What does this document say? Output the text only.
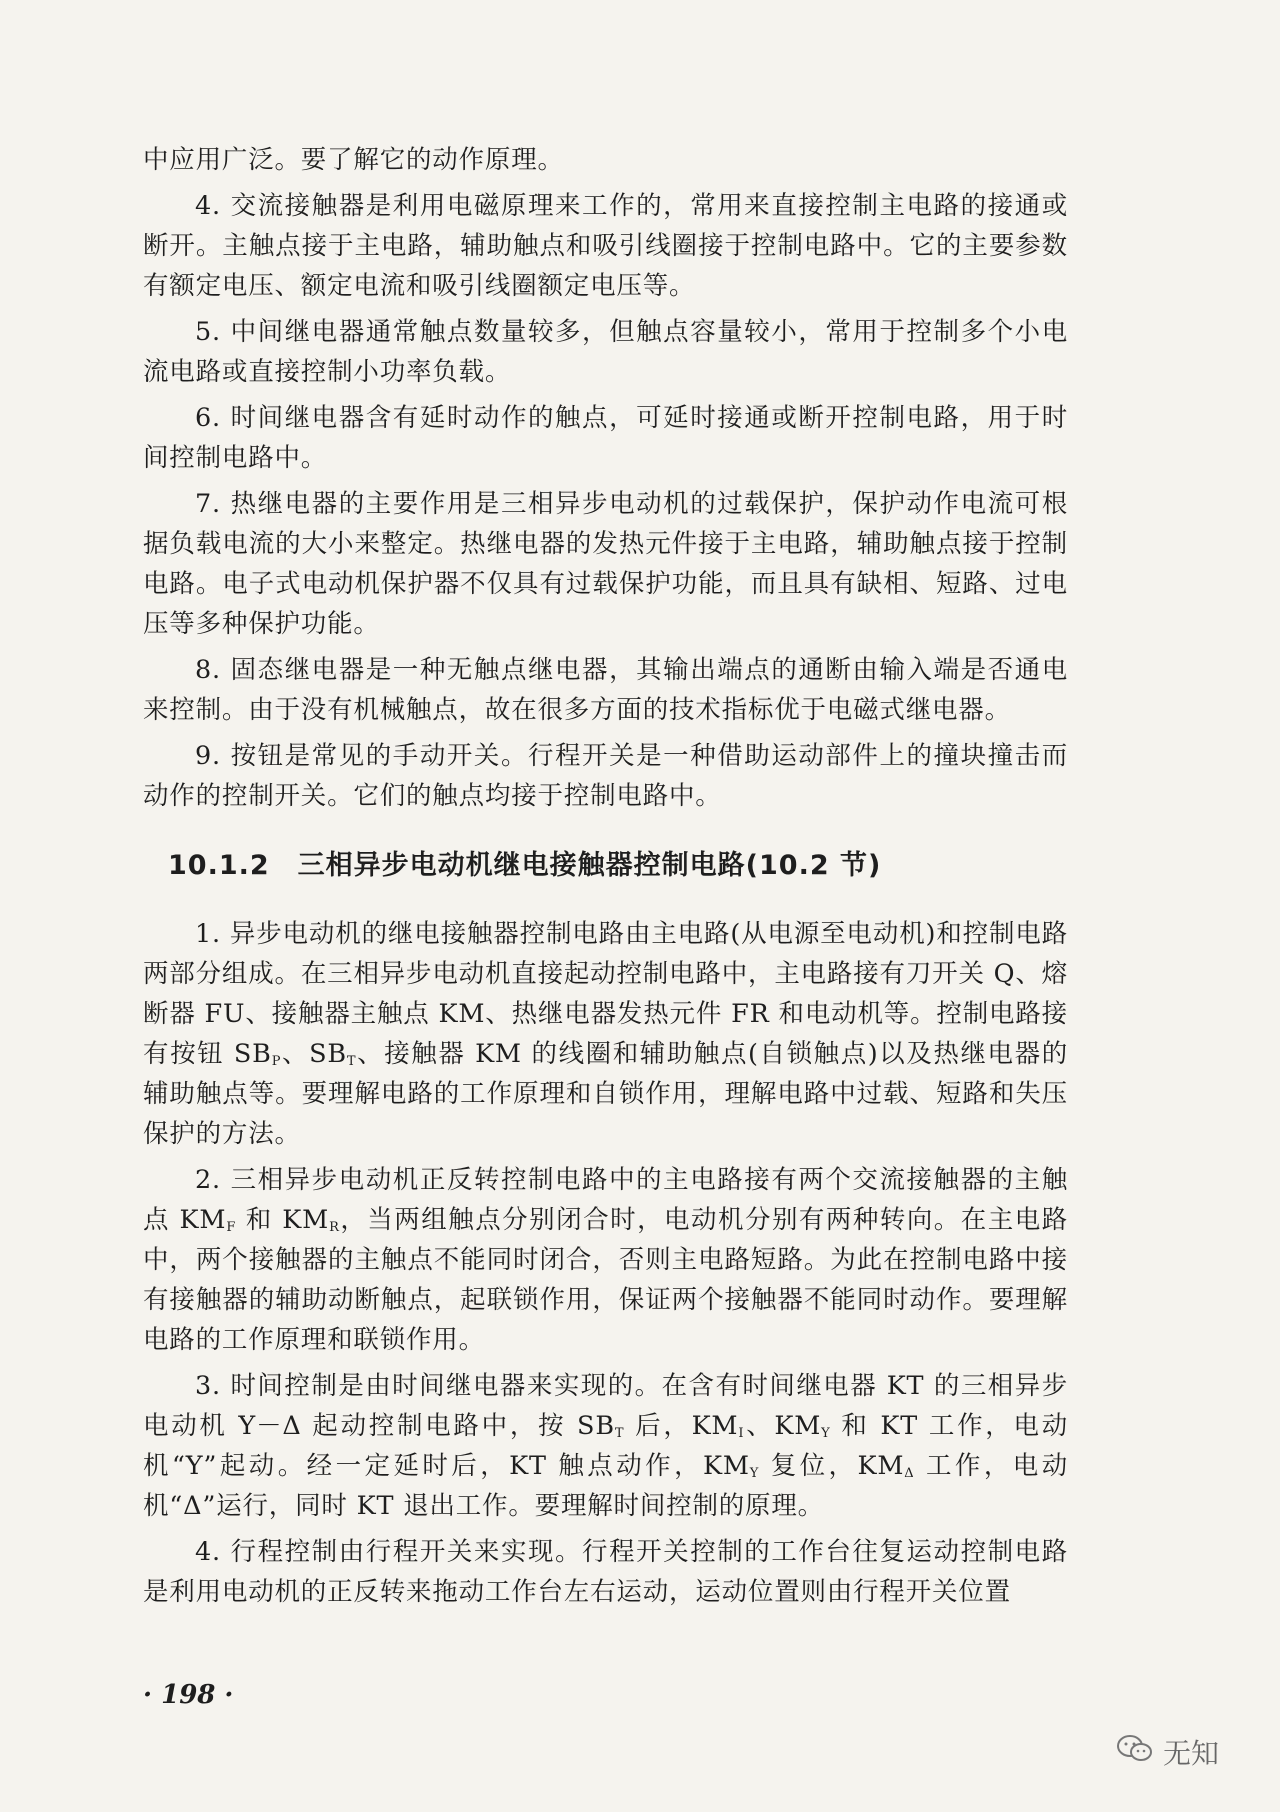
中应用广泛。要了解它的动作原理。

4. 交流接触器是利用电磁原理来工作的，常用来直接控制主电路的接通或断开。主触点接于主电路，辅助触点和吸引线圈接于控制电路中。它的主要参数有额定电压、额定电流和吸引线圈额定电压等。

5. 中间继电器通常触点数量较多，但触点容量较小，常用于控制多个小电流电路或直接控制小功率负载。

6. 时间继电器含有延时动作的触点，可延时接通或断开控制电路，用于时间控制电路中。

7. 热继电器的主要作用是三相异步电动机的过载保护，保护动作电流可根据负载电流的大小来整定。热继电器的发热元件接于主电路，辅助触点接于控制电路。电子式电动机保护器不仅具有过载保护功能，而且具有缺相、短路、过电压等多种保护功能。

8. 固态继电器是一种无触点继电器，其输出端点的通断由输入端是否通电来控制。由于没有机械触点，故在很多方面的技术指标优于电磁式继电器。

9. 按钮是常见的手动开关。行程开关是一种借助运动部件上的撞块撞击而动作的控制开关。它们的触点均接于控制电路中。

10.1.2 三相异步电动机继电接触器控制电路(10.2 节)

1. 异步电动机的继电接触器控制电路由主电路(从电源至电动机)和控制电路两部分组成。在三相异步电动机直接起动控制电路中，主电路接有刀开关 Q、熔断器 FU、接触器主触点 KM、热继电器发热元件 FR 和电动机等。控制电路接有按钮 $SB_P$、$SB_T$、接触器 KM 的线圈和辅助触点(自锁触点)以及热继电器的辅助触点等。要理解电路的工作原理和自锁作用，理解电路中过载、短路和失压保护的方法。

2. 三相异步电动机正反转控制电路中的主电路接有两个交流接触器的主触点 $KM_F$ 和 $KM_R$，当两组触点分别闭合时，电动机分别有两种转向。在主电路中，两个接触器的主触点不能同时闭合，否则主电路短路。为此在控制电路中接有接触器的辅助动断触点，起联锁作用，保证两个接触器不能同时动作。要理解电路的工作原理和联锁作用。

3. 时间控制是由时间继电器来实现的。在含有时间继电器 KT 的三相异步电动机 Y－Δ 起动控制电路中，按 $SB_T$ 后，$KM_I$、$KM_Y$ 和 KT 工作，电动机“Y”起动。经一定延时后，KT 触点动作，$KM_Y$ 复位，$KM_\Delta$ 工作，电动机“Δ”运行，同时 KT 退出工作。要理解时间控制的原理。

4. 行程控制由行程开关来实现。行程开关控制的工作台往复运动控制电路是利用电动机的正反转来拖动工作台左右运动，运动位置则由行程开关位置

· 198 ·
无知
